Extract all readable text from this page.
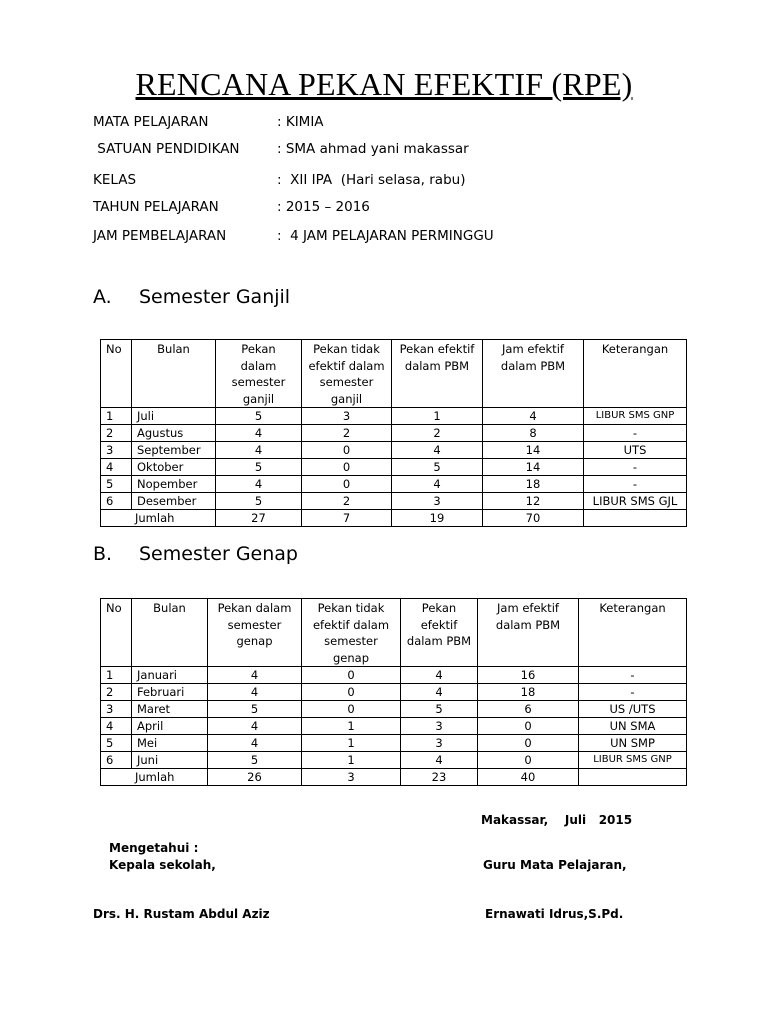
RENCANA PEKAN EFEKTIF (RPE)
MATA PELAJARAN	: KIMIA
SATUAN PENDIDIKAN	: SMA ahmad yani makassar
KELAS	:  XII IPA  (Hari selasa, rabu)
TAHUN PELAJARAN	: 2015 – 2016
JAM PEMBELAJARAN	:  4 JAM PELAJARAN PERMINGGU
A. Semester Ganjil
No	Bulan	Pekan dalam semester ganjil	Pekan tidak efektif dalam semester ganjil	Pekan efektif dalam PBM	Jam efektif dalam PBM	Keterangan
1	Juli	5	3	1	4	LIBUR SMS GNP
2	Agustus	4	2	2	8	-
3	September	4	0	4	14	UTS
4	Oktober	5	0	5	14	-
5	Nopember	4	0	4	18	-
6	Desember	5	2	3	12	LIBUR SMS GJL
Jumlah		27	7	19	70	
B. Semester Genap
No	Bulan	Pekan dalam semester genap	Pekan tidak efektif dalam semester genap	Pekan efektif dalam PBM	Jam efektif dalam PBM	Keterangan
1	Januari	4	0	4	16	-
2	Februari	4	0	4	18	-
3	Maret	5	0	5	6	US /UTS
4	April	4	1	3	0	UN SMA
5	Mei	4	1	3	0	UN SMP
6	Juni	5	1	4	0	LIBUR SMS GNP
Jumlah		26	3	23	40	
Makassar,    Juli   2015
Mengetahui :
Kepala sekolah,	Guru Mata Pelajaran,
Drs. H. Rustam Abdul Aziz	Ernawati Idrus,S.Pd.
